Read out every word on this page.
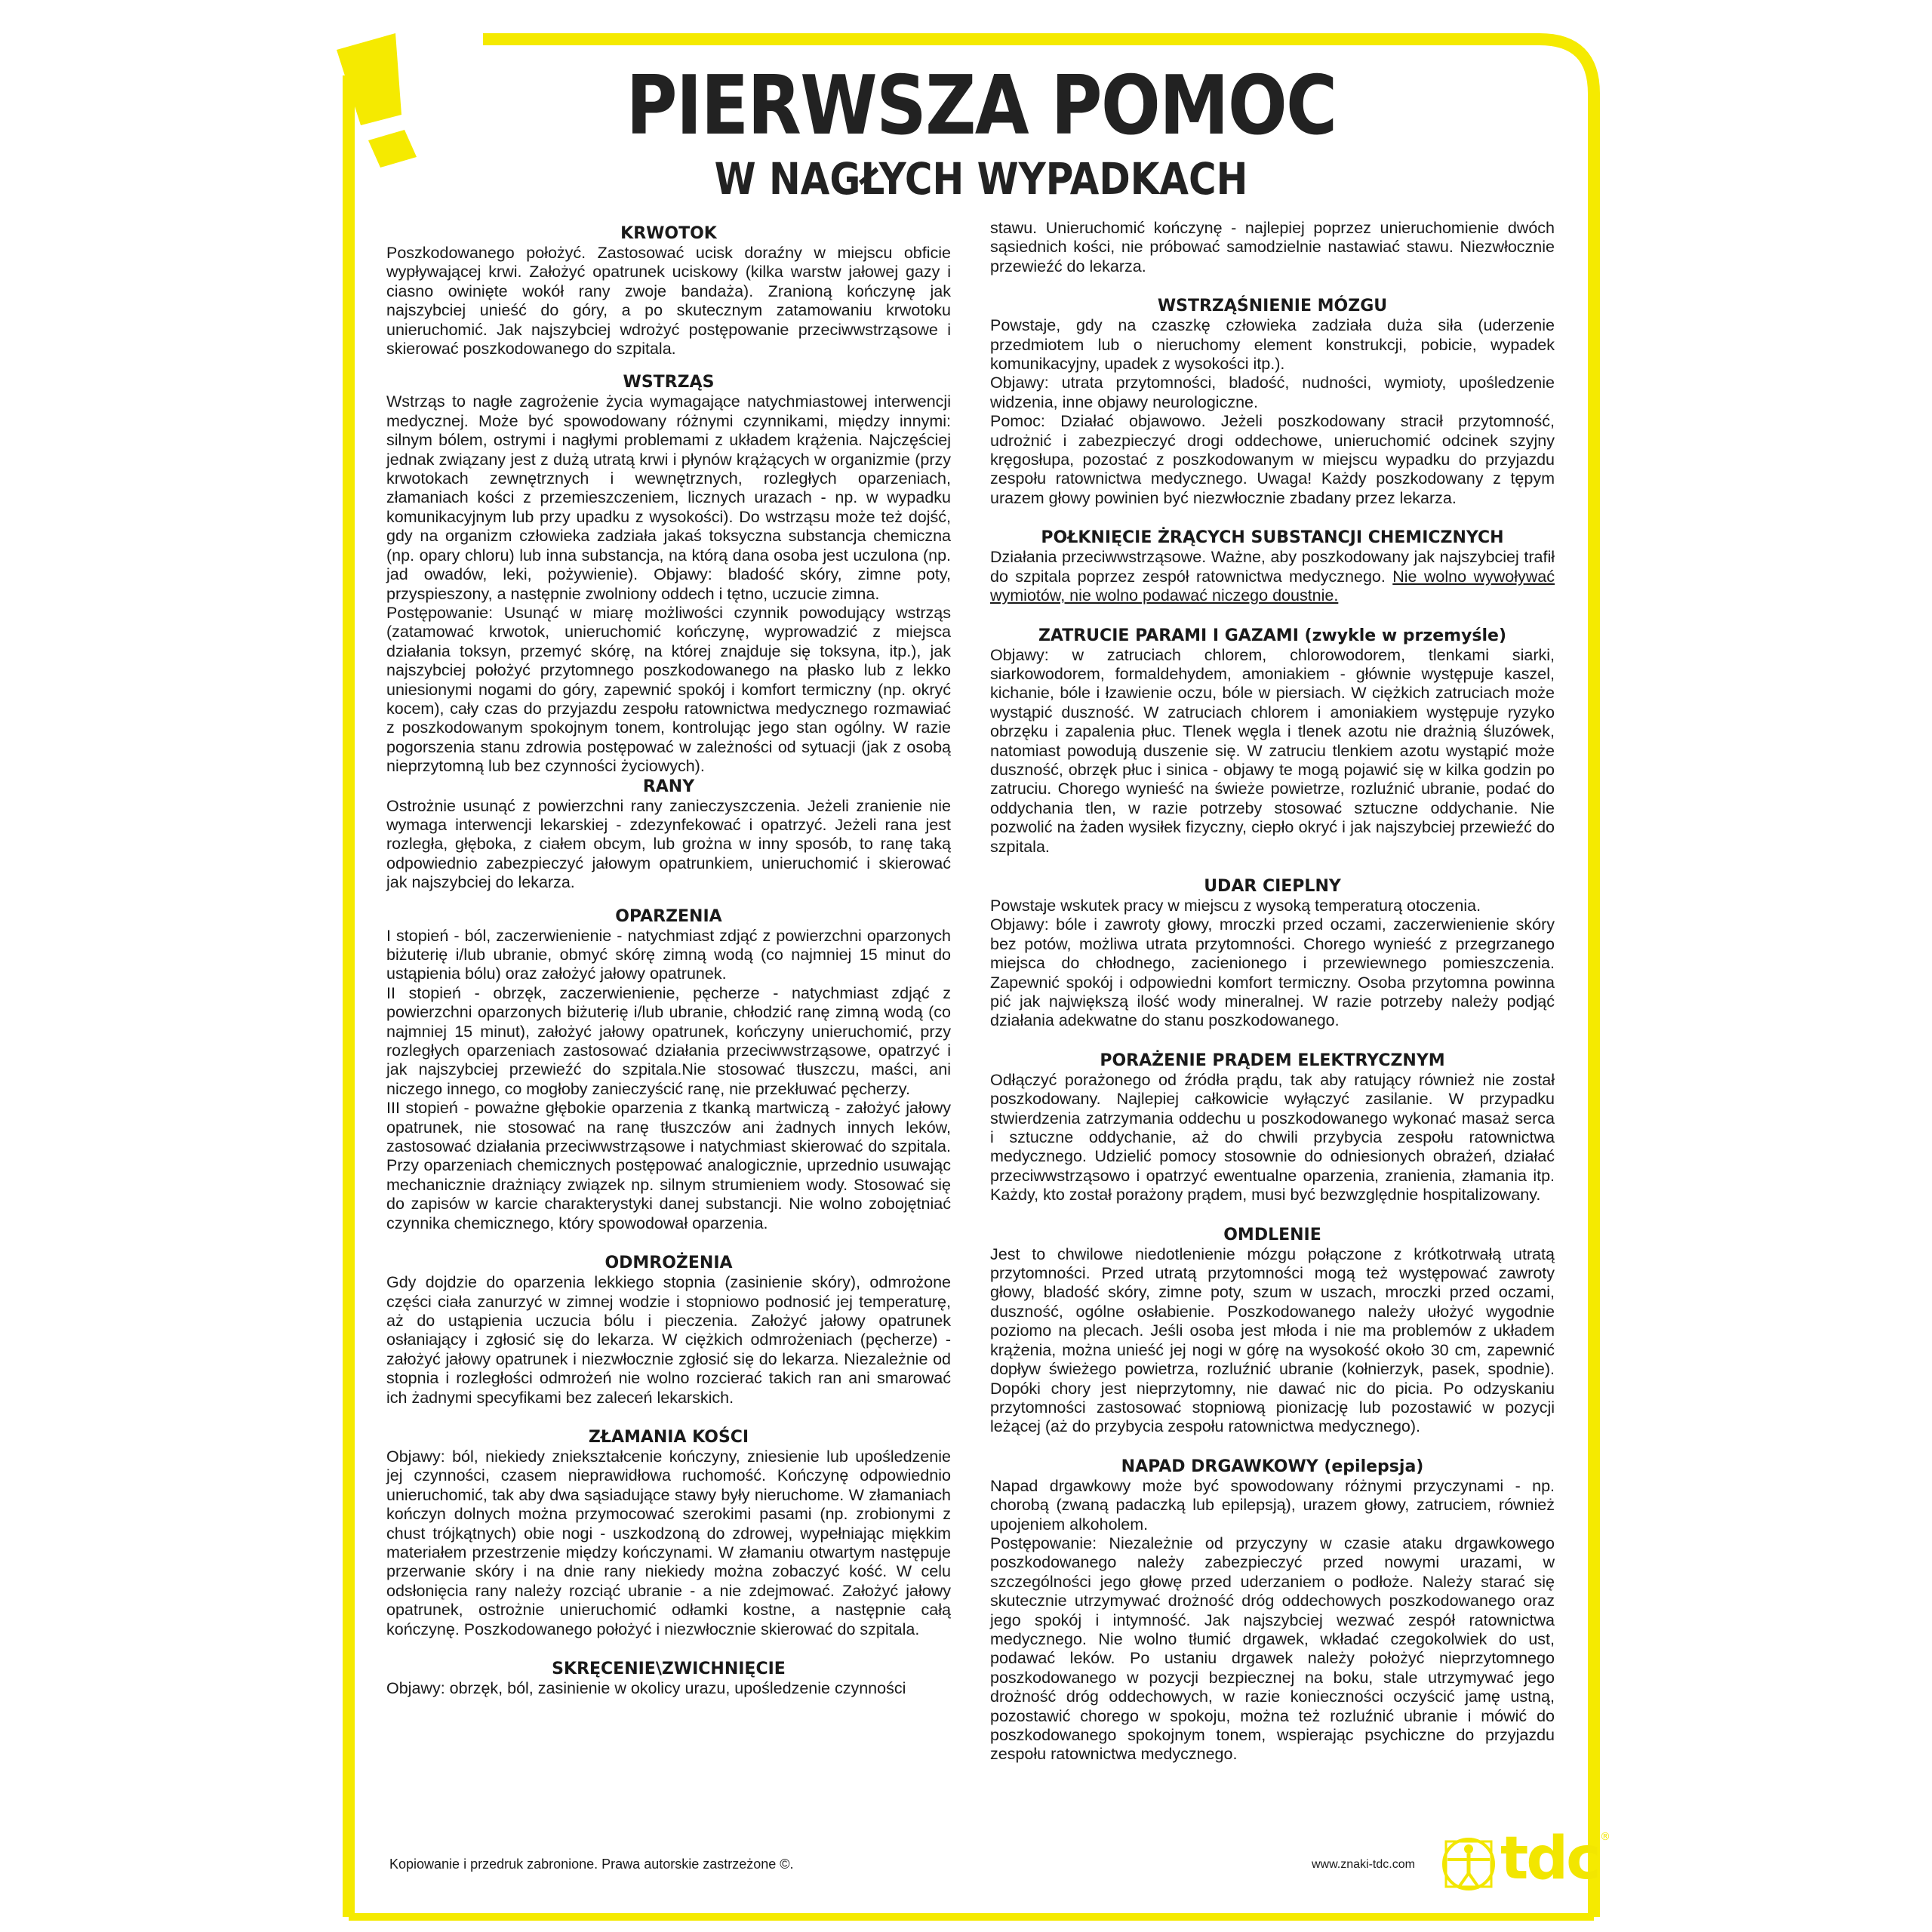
PIERWSZA POMOC
W NAGŁYCH WYPADKACH

KRWOTOK

Poszkodowanego położyć. Zastosować ucisk doraźny w miejscu obficie wypływającej krwi. Założyć opatrunek uciskowy (kilka warstw jałowej gazy i ciasno owinięte wokół rany zwoje bandaża). Zranioną kończynę jak najszybciej unieść do góry, a po skutecznym zatamowaniu krwotoku unieruchomić. Jak najszybciej wdrożyć postępowanie przeciwwstrząsowe i skierować poszkodowanego do szpitala.

WSTRZĄS

Wstrząs to nagłe zagrożenie życia wymagające natychmiastowej interwencji medycznej. Może być spowodowany różnymi czynnikami, między innymi: silnym bólem, ostrymi i nagłymi problemami z układem krążenia. Najczęściej jednak związany jest z dużą utratą krwi i płynów krążących w organizmie (przy krwotokach zewnętrznych i wewnętrznych, rozległych oparzeniach, złamaniach kości z przemieszczeniem, licznych urazach - np. w wypadku komunikacyjnym lub przy upadku z wysokości). Do wstrząsu może też dojść, gdy na organizm człowieka zadziała jakaś toksyczna substancja chemiczna (np. opary chloru) lub inna substancja, na którą dana osoba jest uczulona (np. jad owadów, leki, pożywienie). Objawy: bladość skóry, zimne poty, przyspieszony, a następnie zwolniony oddech i tętno, uczucie zimna.

Postępowanie: Usunąć w miarę możliwości czynnik powodujący wstrząs (zatamować krwotok, unieruchomić kończynę, wyprowadzić z miejsca działania toksyn, przemyć skórę, na której znajduje się toksyna, itp.), jak najszybciej położyć przytomnego poszkodowanego na płasko lub z lekko uniesionymi nogami do góry, zapewnić spokój i komfort termiczny (np. okryć kocem), cały czas do przyjazdu zespołu ratownictwa medycznego rozmawiać z poszkodowanym spokojnym tonem, kontrolując jego stan ogólny. W razie pogorszenia stanu zdrowia postępować w zależności od sytuacji (jak z osobą nieprzytomną lub bez czynności życiowych).

RANY

Ostrożnie usunąć z powierzchni rany zanieczyszczenia. Jeżeli zranienie nie wymaga interwencji lekarskiej - zdezynfekować i opatrzyć. Jeżeli rana jest rozległa, głęboka, z ciałem obcym, lub grożna w inny sposób, to ranę taką odpowiednio zabezpieczyć jałowym opatrunkiem, unieruchomić i skierować jak najszybciej do lekarza.

OPARZENIA

I stopień - ból, zaczerwienienie - natychmiast zdjąć z powierzchni oparzonych biżuterię i/lub ubranie, obmyć skórę zimną wodą (co najmniej 15 minut do ustąpienia bólu) oraz założyć jałowy opatrunek.

II stopień - obrzęk, zaczerwienienie, pęcherze - natychmiast zdjąć z powierzchni oparzonych biżuterię i/lub ubranie, chłodzić ranę zimną wodą (co najmniej 15 minut), założyć jałowy opatrunek, kończyny unieruchomić, przy rozległych oparzeniach zastosować działania przeciwwstrząsowe, opatrzyć i jak najszybciej przewieźć do szpitala.Nie stosować tłuszczu, maści, ani niczego innego, co mogłoby zanieczyścić ranę, nie przekłuwać pęcherzy.

III stopień - poważne głębokie oparzenia z tkanką martwiczą - założyć jałowy opatrunek, nie stosować na ranę tłuszczów ani żadnych innych leków, zastosować działania przeciwwstrząsowe i natychmiast skierować do szpitala. Przy oparzeniach chemicznych postępować analogicznie, uprzednio usuwając mechanicznie drażniący związek np. silnym strumieniem wody. Stosować się do zapisów w karcie charakterystyki danej substancji. Nie wolno zobojętniać czynnika chemicznego, który spowodował oparzenia.

ODMROŻENIA

Gdy dojdzie do oparzenia lekkiego stopnia (zasinienie skóry), odmrożone części ciała zanurzyć w zimnej wodzie i stopniowo podnosić jej temperaturę, aż do ustąpienia uczucia bólu i pieczenia. Założyć jałowy opatrunek osłaniający i zgłosić się do lekarza. W ciężkich odmrożeniach (pęcherze) - założyć jałowy opatrunek i niezwłocznie zgłosić się do lekarza. Niezależnie od stopnia i rozległości odmrożeń nie wolno rozcierać takich ran ani smarować ich żadnymi specyfikami bez zaleceń lekarskich.

ZŁAMANIA KOŚCI

Objawy: ból, niekiedy zniekształcenie kończyny, zniesienie lub upośledzenie jej czynności, czasem nieprawidłowa ruchomość. Kończynę odpowiednio unieruchomić, tak aby dwa sąsiadujące stawy były nieruchome. W złamaniach kończyn dolnych można przymocować szerokimi pasami (np. zrobionymi z chust trójkątnych) obie nogi - uszkodzoną do zdrowej, wypełniając miękkim materiałem przestrzenie między kończynami. W złamaniu otwartym następuje przerwanie skóry i na dnie rany niekiedy można zobaczyć kość. W celu odsłonięcia rany należy rozciąć ubranie - a nie zdejmować. Założyć jałowy opatrunek, ostrożnie unieruchomić odłamki kostne, a następnie całą kończynę. Poszkodowanego położyć i niezwłocznie skierować do szpitala.

SKRĘCENIE\ZWICHNIĘCIE

Objawy: obrzęk, ból, zasinienie w okolicy urazu, upośledzenie czynności

stawu. Unieruchomić kończynę - najlepiej poprzez unieruchomienie dwóch sąsiednich kości, nie próbować samodzielnie nastawiać stawu. Niezwłocznie przewieźć do lekarza.

WSTRZĄŚNIENIE MÓZGU

Powstaje, gdy na czaszkę człowieka zadziała duża siła (uderzenie przedmiotem lub o nieruchomy element konstrukcji, pobicie, wypadek komunikacyjny, upadek z wysokości itp.).

Objawy: utrata przytomności, bladość, nudności, wymioty, upośledzenie widzenia, inne objawy neurologiczne.

Pomoc: Działać objawowo. Jeżeli poszkodowany stracił przytomność, udrożnić i zabezpieczyć drogi oddechowe, unieruchomić odcinek szyjny kręgosłupa, pozostać z poszkodowanym w miejscu wypadku do przyjazdu zespołu ratownictwa medycznego. Uwaga! Każdy poszkodowany z tępym urazem głowy powinien być niezwłocznie zbadany przez lekarza.

POŁKNIĘCIE ŻRĄCYCH SUBSTANCJI CHEMICZNYCH

Działania przeciwwstrząsowe. Ważne, aby poszkodowany jak najszybciej trafił do szpitala poprzez zespół ratownictwa medycznego. Nie wolno wywoływać wymiotów, nie wolno podawać niczego doustnie.

ZATRUCIE PARAMI I GAZAMI (zwykle w przemyśle)

Objawy: w zatruciach chlorem, chlorowodorem, tlenkami siarki, siarkowodorem, formaldehydem, amoniakiem - głównie występuje kaszel, kichanie, bóle i łzawienie oczu, bóle w piersiach. W ciężkich zatruciach może wystąpić duszność. W zatruciach chlorem i amoniakiem występuje ryzyko obrzęku i zapalenia płuc. Tlenek węgla i tlenek azotu nie drażnią śluzówek, natomiast powodują duszenie się. W zatruciu tlenkiem azotu wystąpić może duszność, obrzęk płuc i sinica - objawy te mogą pojawić się w kilka godzin po zatruciu. Chorego wynieść na świeże powietrze, rozluźnić ubranie, podać do oddychania tlen, w razie potrzeby stosować sztuczne oddychanie. Nie pozwolić na żaden wysiłek fizyczny, ciepło okryć i jak najszybciej przewieźć do szpitala.

UDAR CIEPLNY

Powstaje wskutek pracy w miejscu z wysoką temperaturą otoczenia.

Objawy: bóle i zawroty głowy, mroczki przed oczami, zaczerwienienie skóry bez potów, możliwa utrata przytomności. Chorego wynieść z przegrzanego miejsca do chłodnego, zacienionego i przewiewnego pomieszczenia. Zapewnić spokój i odpowiedni komfort termiczny. Osoba przytomna powinna pić jak największą ilość wody mineralnej. W razie potrzeby należy podjąć działania adekwatne do stanu poszkodowanego.

PORAŻENIE PRĄDEM ELEKTRYCZNYM

Odłączyć porażonego od źródła prądu, tak aby ratujący również nie został poszkodowany. Najlepiej całkowicie wyłączyć zasilanie. W przypadku stwierdzenia zatrzymania oddechu u poszkodowanego wykonać masaż serca i sztuczne oddychanie, aż do chwili przybycia zespołu ratownictwa medycznego. Udzielić pomocy stosownie do odniesionych obrażeń, działać przeciwwstrząsowo i opatrzyć ewentualne oparzenia, zranienia, złamania itp. Każdy, kto został porażony prądem, musi być bezwzględnie hospitalizowany.

OMDLENIE

Jest to chwilowe niedotlenienie mózgu połączone z krótkotrwałą utratą przytomności. Przed utratą przytomności mogą też występować zawroty głowy, bladość skóry, zimne poty, szum w uszach, mroczki przed oczami, duszność, ogólne osłabienie. Poszkodowanego należy ułożyć wygodnie poziomo na plecach. Jeśli osoba jest młoda i nie ma problemów z układem krążenia, można unieść jej nogi w górę na wysokość około 30 cm, zapewnić dopływ świeżego powietrza, rozluźnić ubranie (kołnierzyk, pasek, spodnie). Dopóki chory jest nieprzytomny, nie dawać nic do picia. Po odzyskaniu przytomności zastosować stopniową pionizację lub pozostawić w pozycji leżącej (aż do przybycia zespołu ratownictwa medycznego).

NAPAD DRGAWKOWY (epilepsja)

Napad drgawkowy może być spowodowany różnymi przyczynami - np. chorobą (zwaną padaczką lub epilepsją), urazem głowy, zatruciem, również upojeniem alkoholem.

Postępowanie: Niezależnie od przyczyny w czasie ataku drgawkowego poszkodowanego należy zabezpieczyć przed nowymi urazami, w szczególności jego głowę przed uderzaniem o podłoże. Należy starać się skutecznie utrzymywać drożność dróg oddechowych poszkodowanego oraz jego spokój i intymność. Jak najszybciej wezwać zespół ratownictwa medycznego. Nie wolno tłumić drgawek, wkładać czegokolwiek do ust, podawać leków. Po ustaniu drgawek należy położyć nieprzytomnego poszkodowanego w pozycji bezpiecznej na boku, stale utrzymywać jego drożność dróg oddechowych, w razie konieczności oczyścić jamę ustną, pozostawić chorego w spokoju, można też rozluźnić ubranie i mówić do poszkodowanego spokojnym tonem, wspierając psychiczne do przyjazdu zespołu ratownictwa medycznego.

Kopiowanie i przedruk zabronione. Prawa autorskie zastrzeżone ©.	www.znaki-tdc.com tdc ®
